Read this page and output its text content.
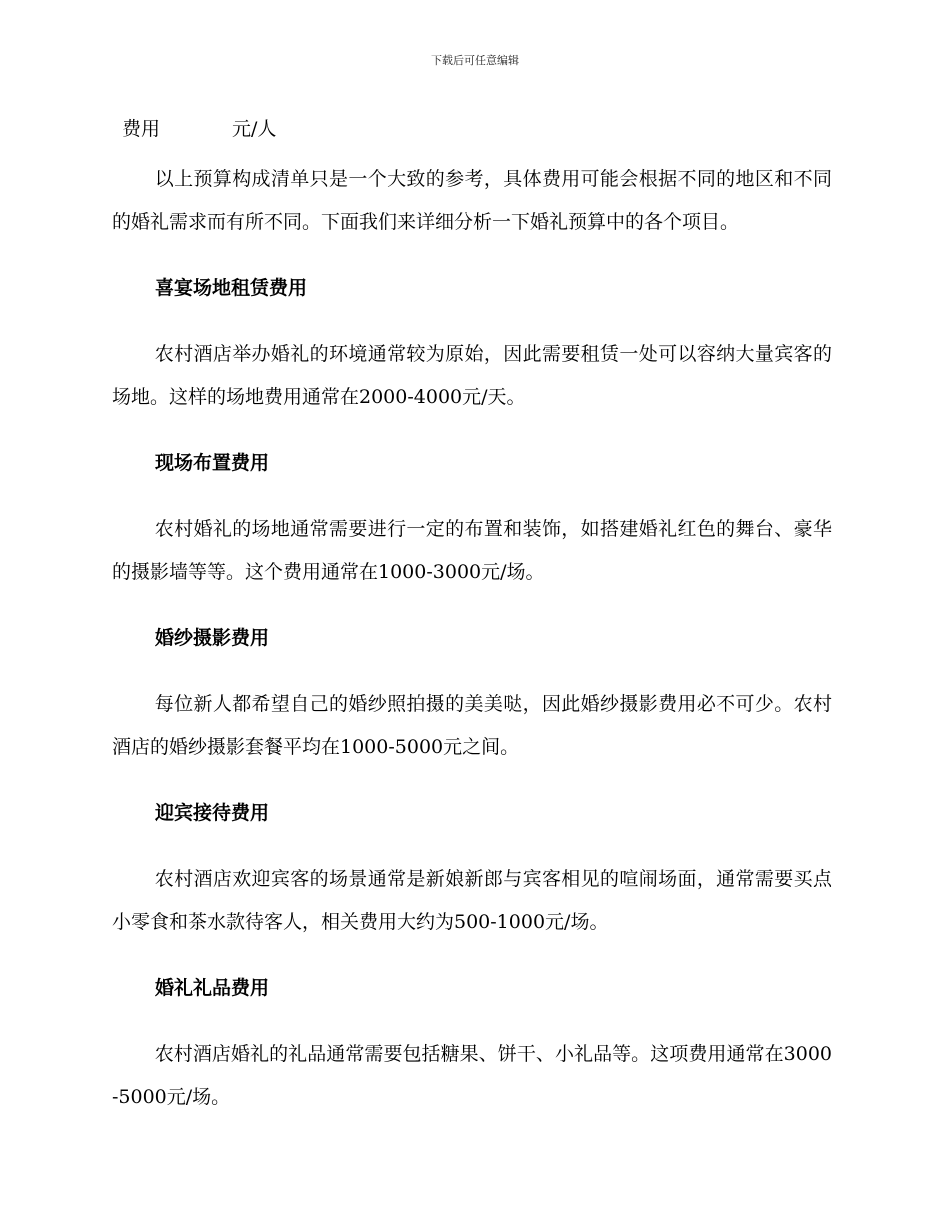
下载后可任意编辑
费用	元/人

以上预算构成清单只是一个大致的参考，具体费用可能会根据不同的地区和不同的婚礼需求而有所不同。下面我们来详细分析一下婚礼预算中的各个项目。

喜宴场地租赁费用

农村酒店举办婚礼的环境通常较为原始，因此需要租赁一处可以容纳大量宾客的场地。这样的场地费用通常在2000-4000元/天。

现场布置费用

农村婚礼的场地通常需要进行一定的布置和装饰，如搭建婚礼红色的舞台、豪华的摄影墙等等。这个费用通常在1000-3000元/场。

婚纱摄影费用

每位新人都希望自己的婚纱照拍摄的美美哒，因此婚纱摄影费用必不可少。农村酒店的婚纱摄影套餐平均在1000-5000元之间。

迎宾接待费用

农村酒店欢迎宾客的场景通常是新娘新郎与宾客相见的喧闹场面，通常需要买点小零食和茶水款待客人，相关费用大约为500-1000元/场。

婚礼礼品费用

农村酒店婚礼的礼品通常需要包括糖果、饼干、小礼品等。这项费用通常在3000-5000元/场。
